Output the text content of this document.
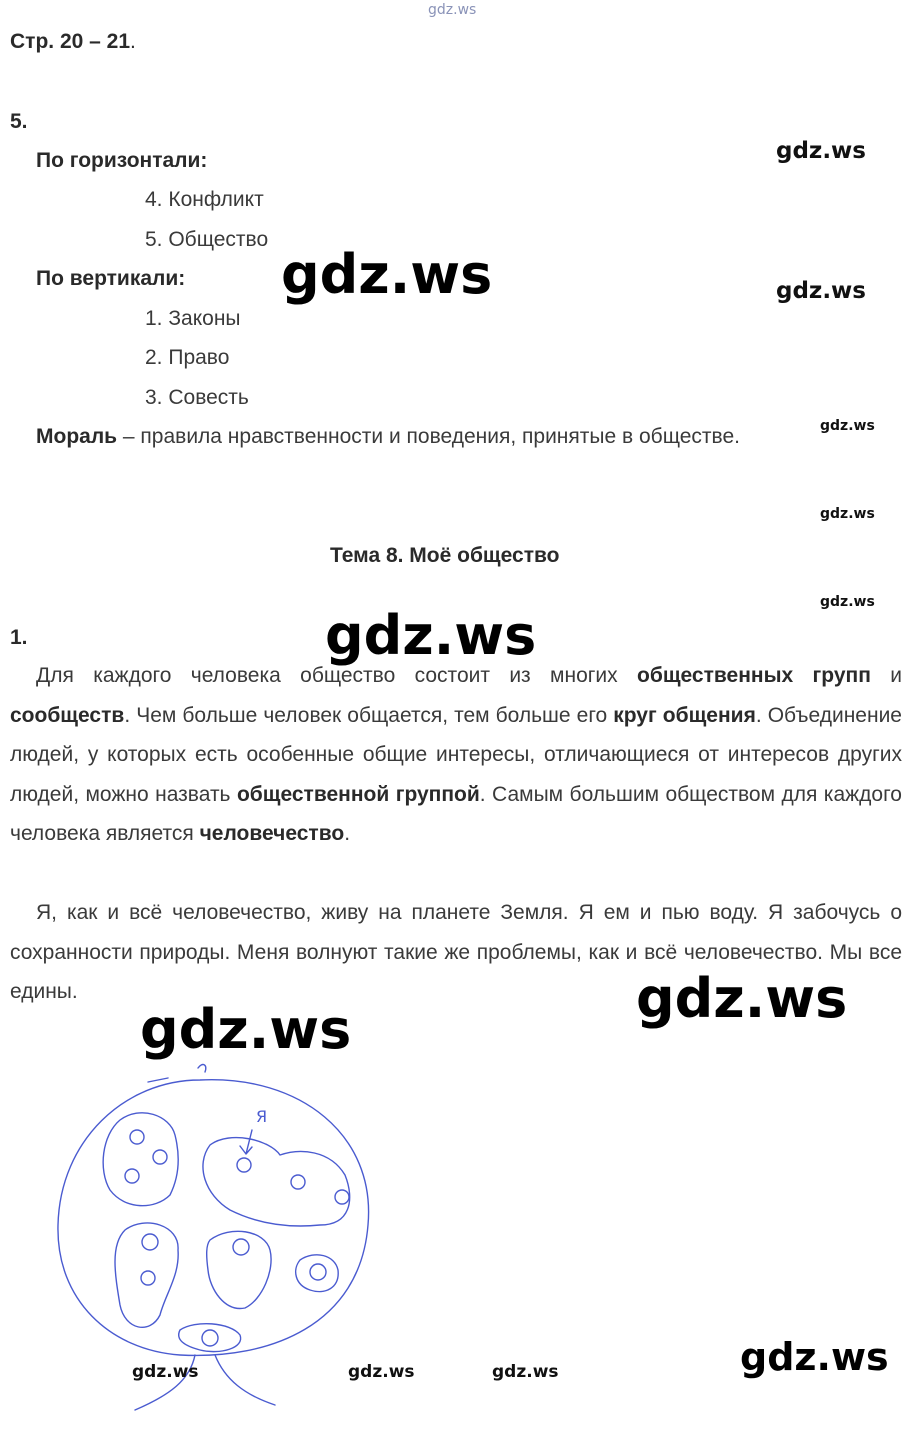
gdz.ws
Стр. 20 – 21.
5.
По горизонтали:
4. Конфликт
5. Общество
По вертикали:
1. Законы
2. Право
3. Совесть
Мораль – правила нравственности и поведения, принятые в обществе.
gdz.ws
gdz.ws
gdz.ws
gdz.ws
gdz.ws
gdz.ws
Тема 8. Моё общество
1.	gdz.ws

Для каждого человека общество состоит из многих общественных групп и сообществ. Чем больше человек общается, тем больше его круг общения. Объединение людей, у которых есть особенные общие интересы, отличающиеся от интересов других людей, можно назвать общественной группой. Самым большим обществом для каждого человека является человечество.

Я, как и всё человечество, живу на планете Земля. Я ем и пью воду. Я забочусь о сохранности природы. Меня волнуют такие же проблемы, как и всё человечество. Мы все едины.	gdz.ws
gdz.ws
Я
gdz.ws	gdz.ws	gdz.ws	gdz.ws
